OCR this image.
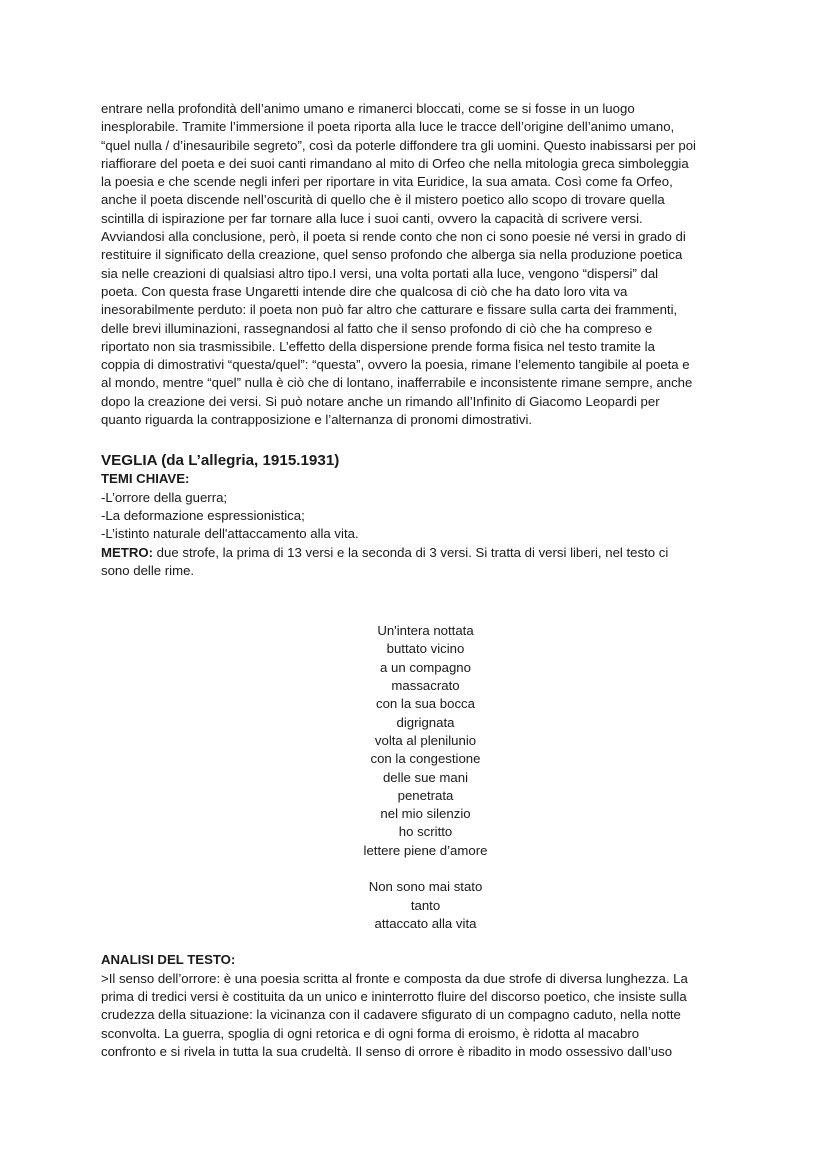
entrare nella profondità dell’animo umano e rimanerci bloccati, come se si fosse in un luogo
inesplorabile. Tramite l’immersione il poeta riporta alla luce le tracce dell’origine dell’animo umano,
“quel nulla / d’inesauribile segreto”, così da poterle diffondere tra gli uomini. Questo inabissarsi per poi
riaffiorare del poeta e dei suoi canti rimandano al mito di Orfeo che nella mitologia greca simboleggia
la poesia e che scende negli inferi per riportare in vita Euridice, la sua amata. Così come fa Orfeo,
anche il poeta discende nell’oscurità di quello che è il mistero poetico allo scopo di trovare quella
scintilla di ispirazione per far tornare alla luce i suoi canti, ovvero la capacità di scrivere versi.
Avviandosi alla conclusione, però, il poeta si rende conto che non ci sono poesie né versi in grado di
restituire il significato della creazione, quel senso profondo che alberga sia nella produzione poetica
sia nelle creazioni di qualsiasi altro tipo.I versi, una volta portati alla luce, vengono “dispersi” dal
poeta. Con questa frase Ungaretti intende dire che qualcosa di ciò che ha dato loro vita va
inesorabilmente perduto: il poeta non può far altro che catturare e fissare sulla carta dei frammenti,
delle brevi illuminazioni, rassegnandosi al fatto che il senso profondo di ciò che ha compreso e
riportato non sia trasmissibile. L’effetto della dispersione prende forma fisica nel testo tramite la
coppia di dimostrativi “questa/quel”: “questa”, ovvero la poesia, rimane l’elemento tangibile al poeta e
al mondo, mentre “quel” nulla è ciò che di lontano, inafferrabile e inconsistente rimane sempre, anche
dopo la creazione dei versi. Si può notare anche un rimando all’Infinito di Giacomo Leopardi per
quanto riguarda la contrapposizione e l’alternanza di pronomi dimostrativi.

VEGLIA (da L’allegria, 1915.1931)
TEMI CHIAVE:
-L’orrore della guerra;
-La deformazione espressionistica;
-L’istinto naturale dell'attaccamento alla vita.
METRO: due strofe, la prima di 13 versi e la seconda di 3 versi. Si tratta di versi liberi, nel testo ci
sono delle rime.
Un'intera nottata
buttato vicino
a un compagno
massacrato
con la sua bocca
digrignata
volta al plenilunio
con la congestione
delle sue mani
penetrata
nel mio silenzio
ho scritto
lettere piene d’amore
Non sono mai stato
tanto
attaccato alla vita
ANALISI DEL TESTO:

>Il senso dell’orrore: è una poesia scritta al fronte e composta da due strofe di diversa lunghezza. La
prima di tredici versi è costituita da un unico e ininterrotto fluire del discorso poetico, che insiste sulla
crudezza della situazione: la vicinanza con il cadavere sfigurato di un compagno caduto, nella notte
sconvolta. La guerra, spoglia di ogni retorica e di ogni forma di eroismo, è ridotta al macabro
confronto e si rivela in tutta la sua crudeltà. Il senso di orrore è ribadito in modo ossessivo dall’uso
